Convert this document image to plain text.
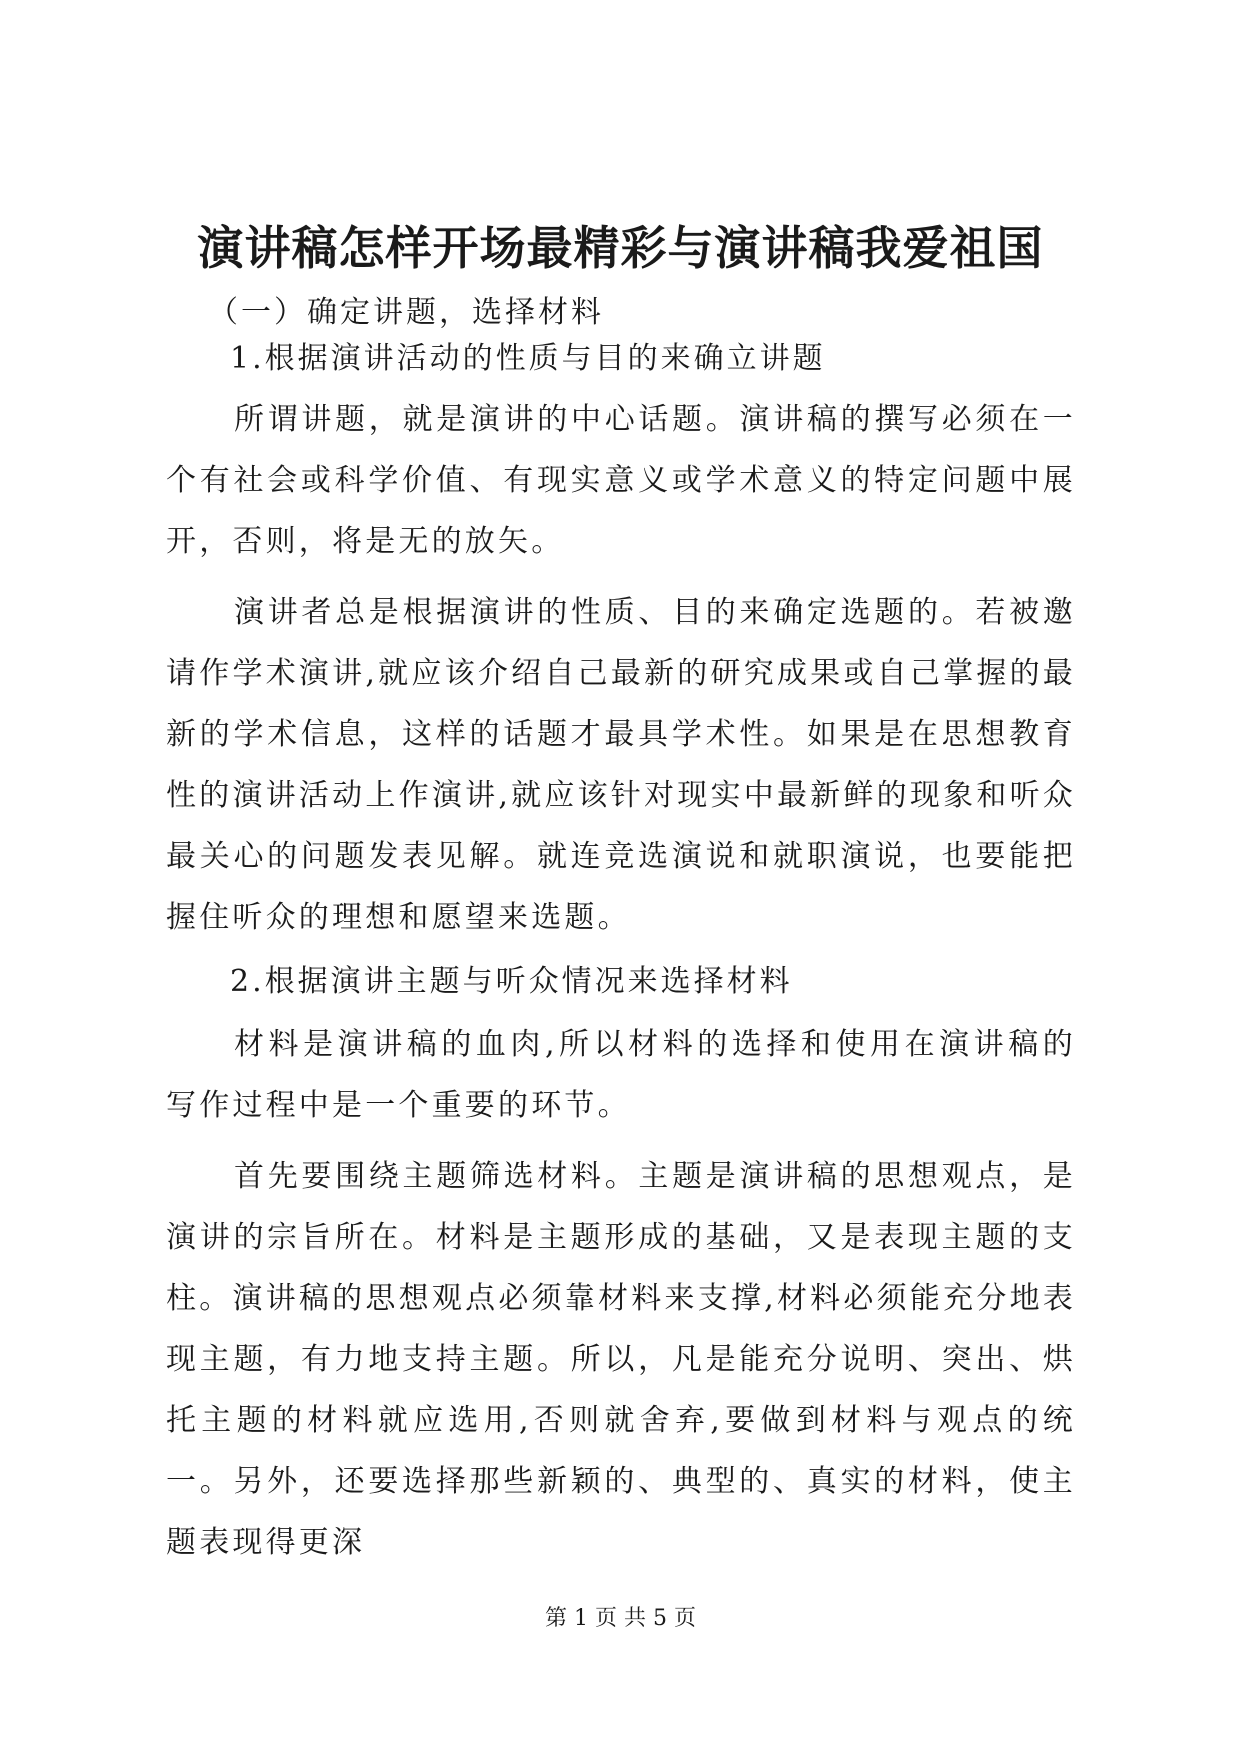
演讲稿怎样开场最精彩与演讲稿我爱祖国

（一）确定讲题，选择材料

1.根据演讲活动的性质与目的来确立讲题

所谓讲题，就是演讲的中心话题。演讲稿的撰写必须在一个有社会或科学价值、有现实意义或学术意义的特定问题中展开，否则，将是无的放矢。

演讲者总是根据演讲的性质、目的来确定选题的。若被邀请作学术演讲,就应该介绍自己最新的研究成果或自己掌握的最新的学术信息，这样的话题才最具学术性。如果是在思想教育性的演讲活动上作演讲,就应该针对现实中最新鲜的现象和听众最关心的问题发表见解。就连竞选演说和就职演说，也要能把握住听众的理想和愿望来选题。

2.根据演讲主题与听众情况来选择材料

材料是演讲稿的血肉,所以材料的选择和使用在演讲稿的写作过程中是一个重要的环节。

首先要围绕主题筛选材料。主题是演讲稿的思想观点，是演讲的宗旨所在。材料是主题形成的基础，又是表现主题的支柱。演讲稿的思想观点必须靠材料来支撑,材料必须能充分地表现主题，有力地支持主题。所以，凡是能充分说明、突出、烘托主题的材料就应选用,否则就舍弃,要做到材料与观点的统一。另外，还要选择那些新颖的、典型的、真实的材料，使主题表现得更深

第 1 页 共 5 页
